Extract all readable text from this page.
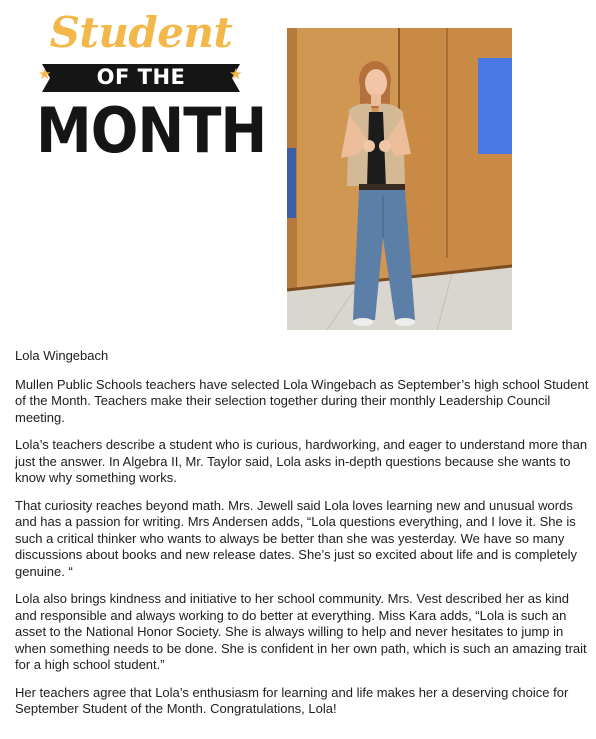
Student
★	★
OF THE
MONTH

Lola Wingebach

Mullen Public Schools teachers have selected Lola Wingebach as September’s high school Student of the Month. Teachers make their selection together during their monthly Leadership Council meeting.

Lola’s teachers describe a student who is curious, hardworking, and eager to understand more than just the answer. In Algebra II, Mr. Taylor said, Lola asks in-depth questions because she wants to know why something works.

That curiosity reaches beyond math. Mrs. Jewell said Lola loves learning new and unusual words and has a passion for writing. Mrs Andersen adds, “Lola questions everything, and I love it. She is such a critical thinker who wants to always be better than she was yesterday. We have so many discussions about books and new release dates. She’s just so excited about life and is completely genuine. “

Lola also brings kindness and initiative to her school community. Mrs. Vest described her as kind and responsible and always working to do better at everything. Miss Kara adds, “Lola is such an asset to the National Honor Society. She is always willing to help and never hesitates to jump in when something needs to be done. She is confident in her own path, which is such an amazing trait for a high school student.”

Her teachers agree that Lola’s enthusiasm for learning and life makes her a deserving choice for September Student of the Month. Congratulations, Lola!
